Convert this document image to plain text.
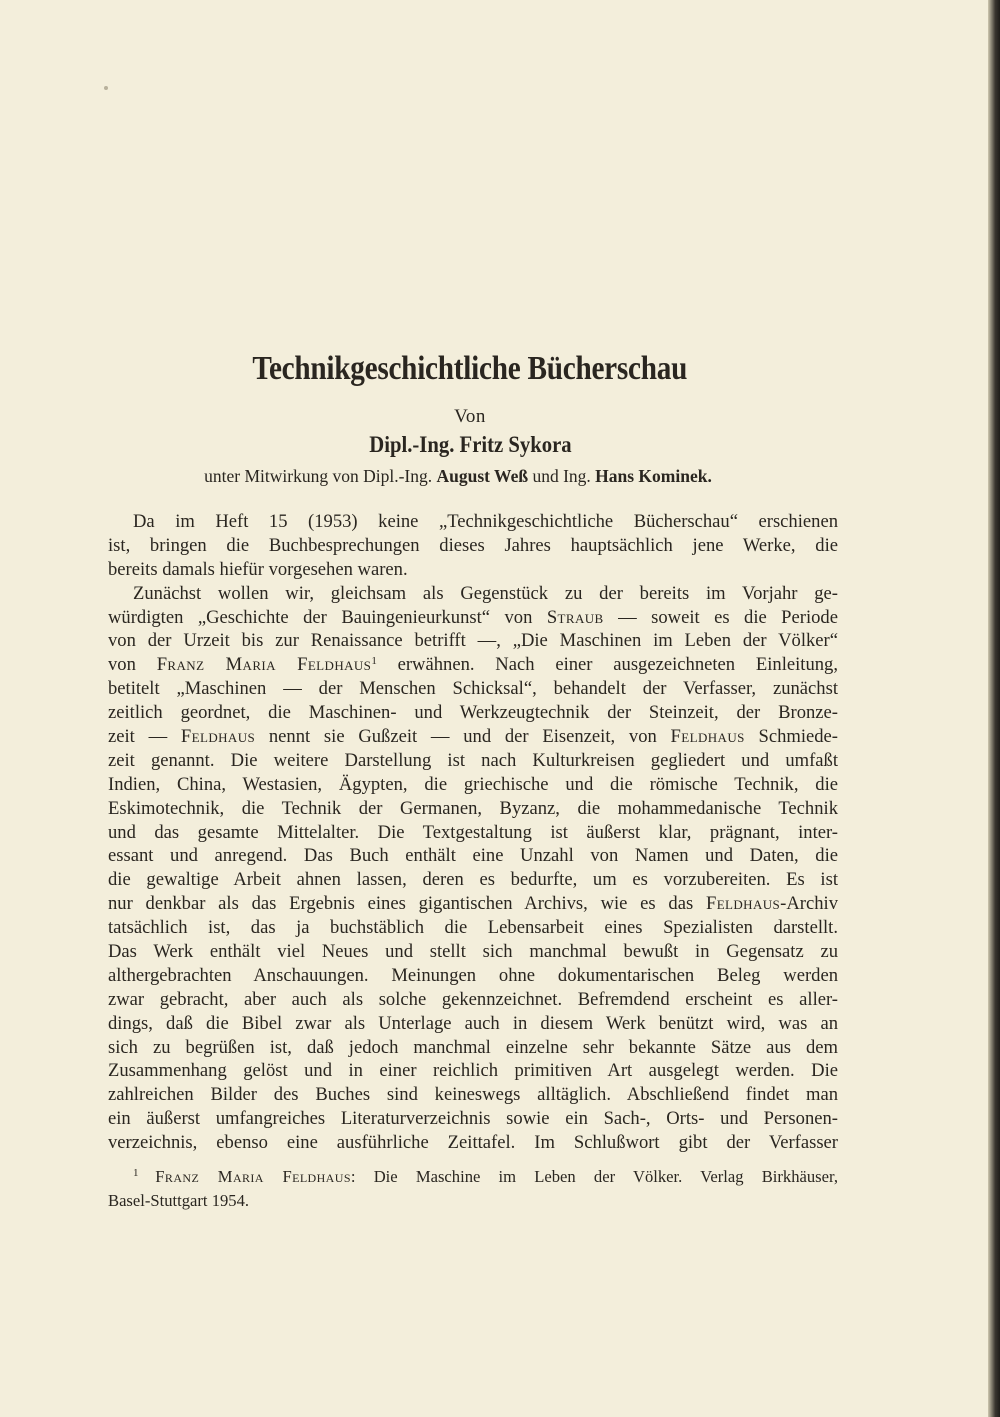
Technikgeschichtliche Bücherschau
Von
Dipl.-Ing. Fritz Sykora
unter Mitwirkung von Dipl.-Ing. August Weß und Ing. Hans Kominek.
Da im Heft 15 (1953) keine „Technikgeschichtliche Bücherschau“ erschienen
ist, bringen die Buchbesprechungen dieses Jahres hauptsächlich jene Werke, die
bereits damals hiefür vorgesehen waren.
Zunächst wollen wir, gleichsam als Gegenstück zu der bereits im Vorjahr ge-
würdigten „Geschichte der Bauingenieurkunst“ von Straub — soweit es die Periode
von der Urzeit bis zur Renaissance betrifft —, „Die Maschinen im Leben der Völker“
von Franz Maria Feldhaus$^1$ erwähnen. Nach einer ausgezeichneten Einleitung,
betitelt „Maschinen — der Menschen Schicksal“, behandelt der Verfasser, zunächst
zeitlich geordnet, die Maschinen- und Werkzeugtechnik der Steinzeit, der Bronze-
zeit — Feldhaus nennt sie Gußzeit — und der Eisenzeit, von Feldhaus Schmiede-
zeit genannt. Die weitere Darstellung ist nach Kulturkreisen gegliedert und umfaßt
Indien, China, Westasien, Ägypten, die griechische und die römische Technik, die
Eskimotechnik, die Technik der Germanen, Byzanz, die mohammedanische Technik
und das gesamte Mittelalter. Die Textgestaltung ist äußerst klar, prägnant, inter-
essant und anregend. Das Buch enthält eine Unzahl von Namen und Daten, die
die gewaltige Arbeit ahnen lassen, deren es bedurfte, um es vorzubereiten. Es ist
nur denkbar als das Ergebnis eines gigantischen Archivs, wie es das Feldhaus-Archiv
tatsächlich ist, das ja buchstäblich die Lebensarbeit eines Spezialisten darstellt.
Das Werk enthält viel Neues und stellt sich manchmal bewußt in Gegensatz zu
althergebrachten Anschauungen. Meinungen ohne dokumentarischen Beleg werden
zwar gebracht, aber auch als solche gekennzeichnet. Befremdend erscheint es aller-
dings, daß die Bibel zwar als Unterlage auch in diesem Werk benützt wird, was an
sich zu begrüßen ist, daß jedoch manchmal einzelne sehr bekannte Sätze aus dem
Zusammenhang gelöst und in einer reichlich primitiven Art ausgelegt werden. Die
zahlreichen Bilder des Buches sind keineswegs alltäglich. Abschließend findet man
ein äußerst umfangreiches Literaturverzeichnis sowie ein Sach-, Orts- und Personen-
verzeichnis, ebenso eine ausführliche Zeittafel. Im Schlußwort gibt der Verfasser
$^1$ Franz Maria Feldhaus: Die Maschine im Leben der Völker. Verlag Birkhäuser,
Basel-Stuttgart 1954.
